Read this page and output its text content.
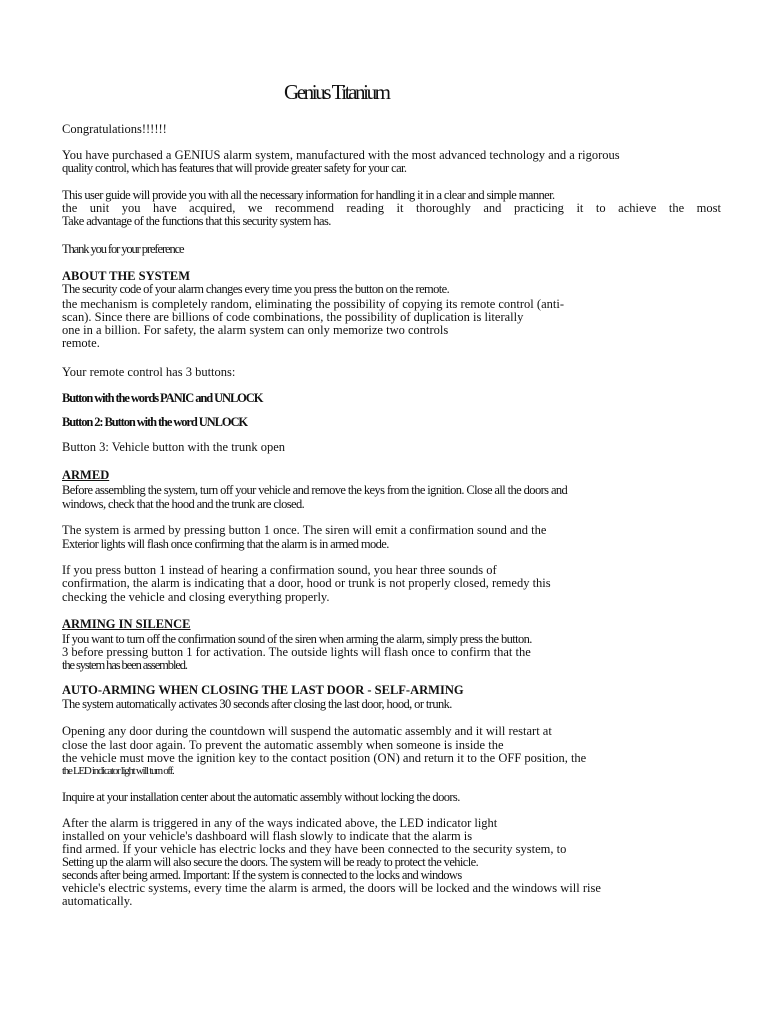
Genius Titanium
Congratulations!!!!!!
You have purchased a GENIUS alarm system, manufactured with the most advanced technology and a rigorous
quality control, which has features that will provide greater safety for your car.
This user guide will provide you with all the necessary information for handling it in a clear and simple manner.
the unit you have acquired, we recommend reading it thoroughly and practicing it to achieve the most
Take advantage of the functions that this security system has.
Thank you for your preference
ABOUT THE SYSTEM
The security code of your alarm changes every time you press the button on the remote.
the mechanism is completely random, eliminating the possibility of copying its remote control (anti-
scan). Since there are billions of code combinations, the possibility of duplication is literally
one in a billion. For safety, the alarm system can only memorize two controls
remote.
Your remote control has 3 buttons:
Button with the words PANIC and UNLOCK
Button 2: Button with the word UNLOCK
Button 3: Vehicle button with the trunk open
ARMED
Before assembling the system, turn off your vehicle and remove the keys from the ignition. Close all the doors and
windows, check that the hood and the trunk are closed.
The system is armed by pressing button 1 once. The siren will emit a confirmation sound and the
Exterior lights will flash once confirming that the alarm is in armed mode.
If you press button 1 instead of hearing a confirmation sound, you hear three sounds of
confirmation, the alarm is indicating that a door, hood or trunk is not properly closed, remedy this
checking the vehicle and closing everything properly.
ARMING IN SILENCE
If you want to turn off the confirmation sound of the siren when arming the alarm, simply press the button.
3 before pressing button 1 for activation. The outside lights will flash once to confirm that the
the system has been assembled.
AUTO-ARMING WHEN CLOSING THE LAST DOOR - SELF-ARMING
The system automatically activates 30 seconds after closing the last door, hood, or trunk.
Opening any door during the countdown will suspend the automatic assembly and it will restart at
close the last door again. To prevent the automatic assembly when someone is inside the
the vehicle must move the ignition key to the contact position (ON) and return it to the OFF position, the
the LED indicator light will turn off.
Inquire at your installation center about the automatic assembly without locking the doors.
After the alarm is triggered in any of the ways indicated above, the LED indicator light
installed on your vehicle's dashboard will flash slowly to indicate that the alarm is
find armed. If your vehicle has electric locks and they have been connected to the security system, to
Setting up the alarm will also secure the doors. The system will be ready to protect the vehicle.
seconds after being armed. Important: If the system is connected to the locks and windows
vehicle's electric systems, every time the alarm is armed, the doors will be locked and the windows will rise
automatically.
